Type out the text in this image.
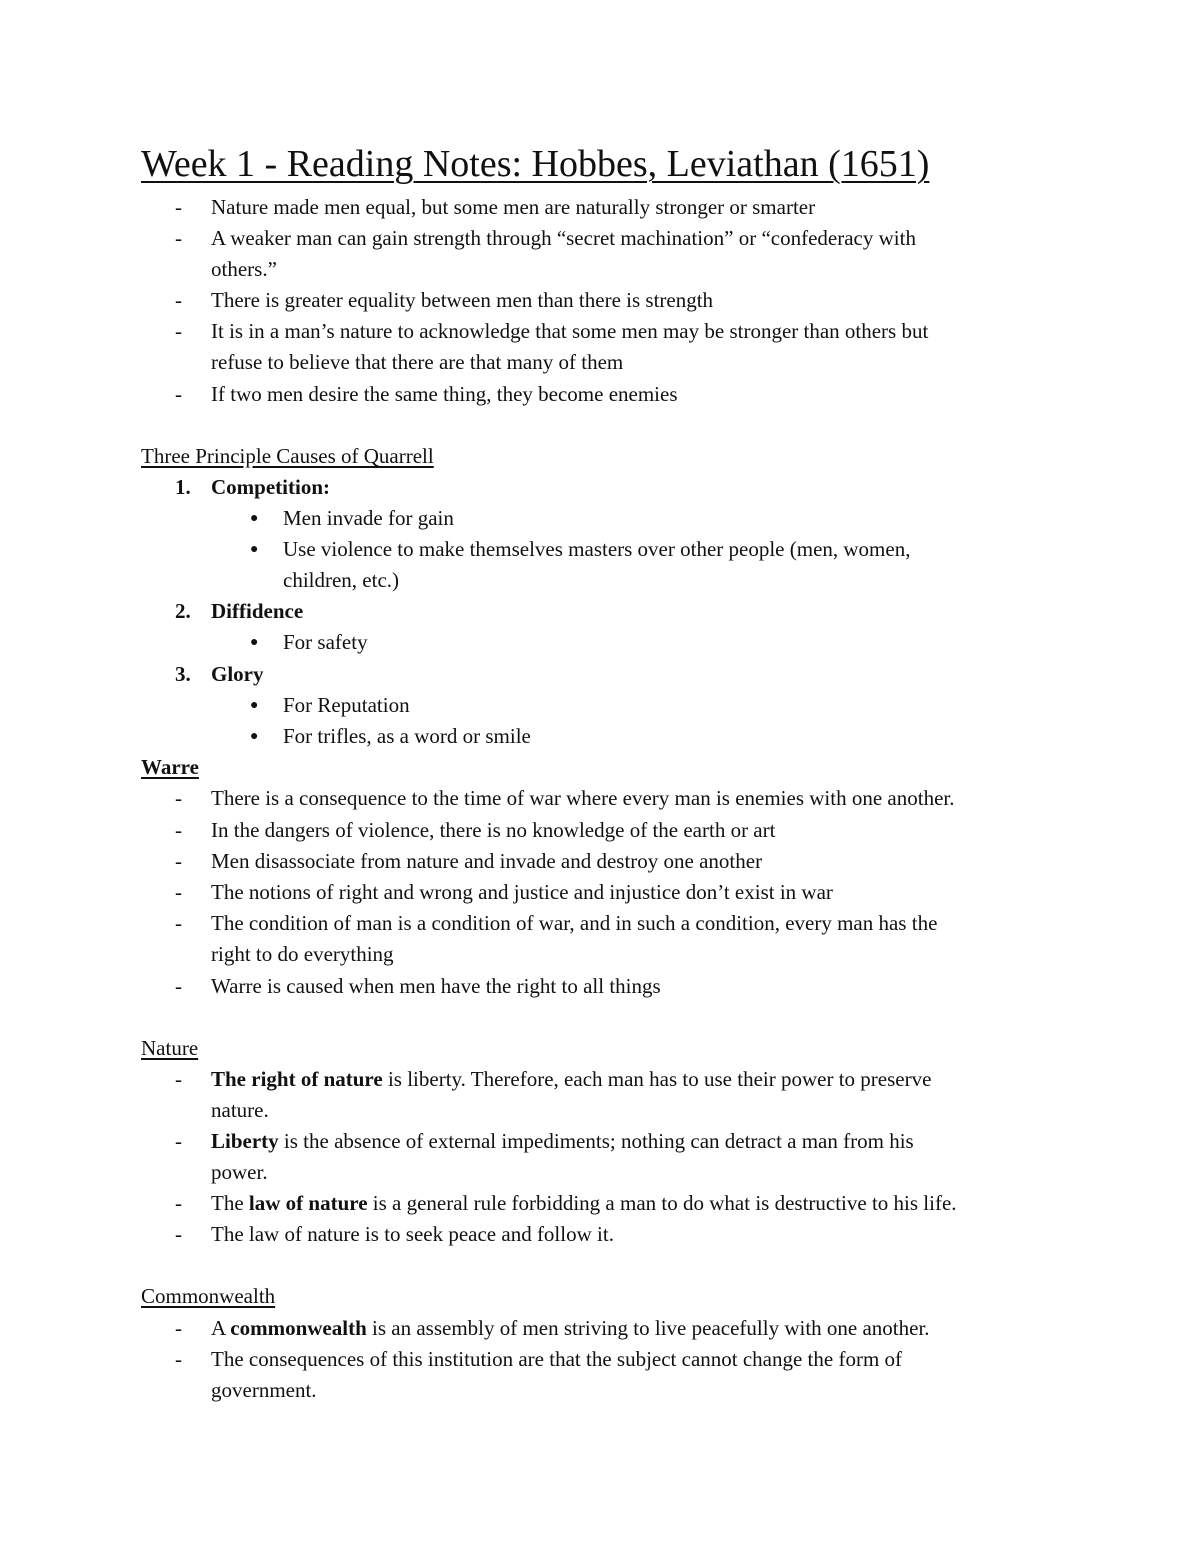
Week 1 - Reading Notes: Hobbes, Leviathan (1651)
- Nature made men equal, but some men are naturally stronger or smarter
- A weaker man can gain strength through “secret machination” or “confederacy with
others.”
- There is greater equality between men than there is strength
- It is in a man’s nature to acknowledge that some men may be stronger than others but
refuse to believe that there are that many of them
- If two men desire the same thing, they become enemies
Three Principle Causes of Quarrell
1. Competition:
● Men invade for gain
● Use violence to make themselves masters over other people (men, women,
children, etc.)
2. Diffidence
● For safety
3. Glory
● For Reputation
● For trifles, as a word or smile
Warre
- There is a consequence to the time of war where every man is enemies with one another.
- In the dangers of violence, there is no knowledge of the earth or art
- Men disassociate from nature and invade and destroy one another
- The notions of right and wrong and justice and injustice don’t exist in war
- The condition of man is a condition of war, and in such a condition, every man has the
right to do everything
- Warre is caused when men have the right to all things
Nature
- The right of nature is liberty. Therefore, each man has to use their power to preserve
nature.
- Liberty is the absence of external impediments; nothing can detract a man from his
power.
- The law of nature is a general rule forbidding a man to do what is destructive to his life.
- The law of nature is to seek peace and follow it.
Commonwealth
- A commonwealth is an assembly of men striving to live peacefully with one another.
- The consequences of this institution are that the subject cannot change the form of
government.
